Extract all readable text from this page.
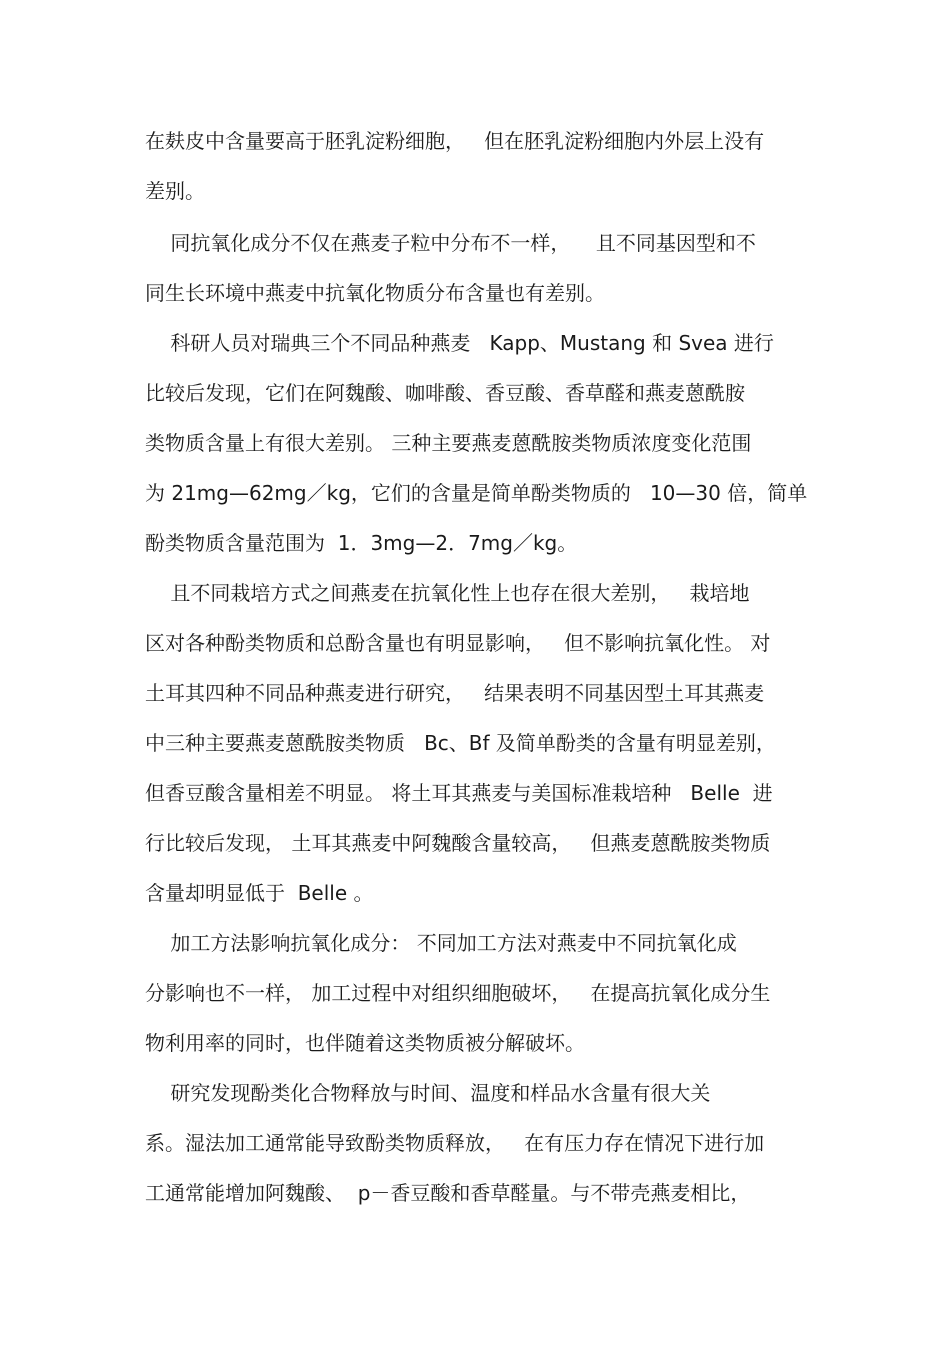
在麸皮中含量要高于胚乳淀粉细胞，   但在胚乳淀粉细胞内外层上没有
差别。
同抗氧化成分不仅在燕麦子粒中分布不一样，    且不同基因型和不
同生长环境中燕麦中抗氧化物质分布含量也有差别。
科研人员对瑞典三个不同品种燕麦   Kapp、Mustang 和 Svea 进行
比较后发现，它们在阿魏酸、咖啡酸、香豆酸、香草醛和燕麦蒽酰胺
类物质含量上有很大差别。 三种主要燕麦蒽酰胺类物质浓度变化范围
为 21mg—62mg／kg，它们的含量是简单酚类物质的   10—30 倍，简单
酚类物质含量范围为  1．3mg—2．7mg／kg。
且不同栽培方式之间燕麦在抗氧化性上也存在很大差别，   栽培地
区对各种酚类物质和总酚含量也有明显影响，   但不影响抗氧化性。 对
土耳其四种不同品种燕麦进行研究，   结果表明不同基因型土耳其燕麦
中三种主要燕麦蒽酰胺类物质   Bc、Bf 及简单酚类的含量有明显差别，
但香豆酸含量相差不明显。 将土耳其燕麦与美国标准栽培种   Belle  进
行比较后发现， 土耳其燕麦中阿魏酸含量较高，   但燕麦蒽酰胺类物质
含量却明显低于  Belle 。
加工方法影响抗氧化成分： 不同加工方法对燕麦中不同抗氧化成
分影响也不一样， 加工过程中对组织细胞破坏，   在提高抗氧化成分生
物利用率的同时，也伴随着这类物质被分解破坏。
研究发现酚类化合物释放与时间、温度和样品水含量有很大关
系。湿法加工通常能导致酚类物质释放，   在有压力存在情况下进行加
工通常能增加阿魏酸、  p－香豆酸和香草醛量。与不带壳燕麦相比，
